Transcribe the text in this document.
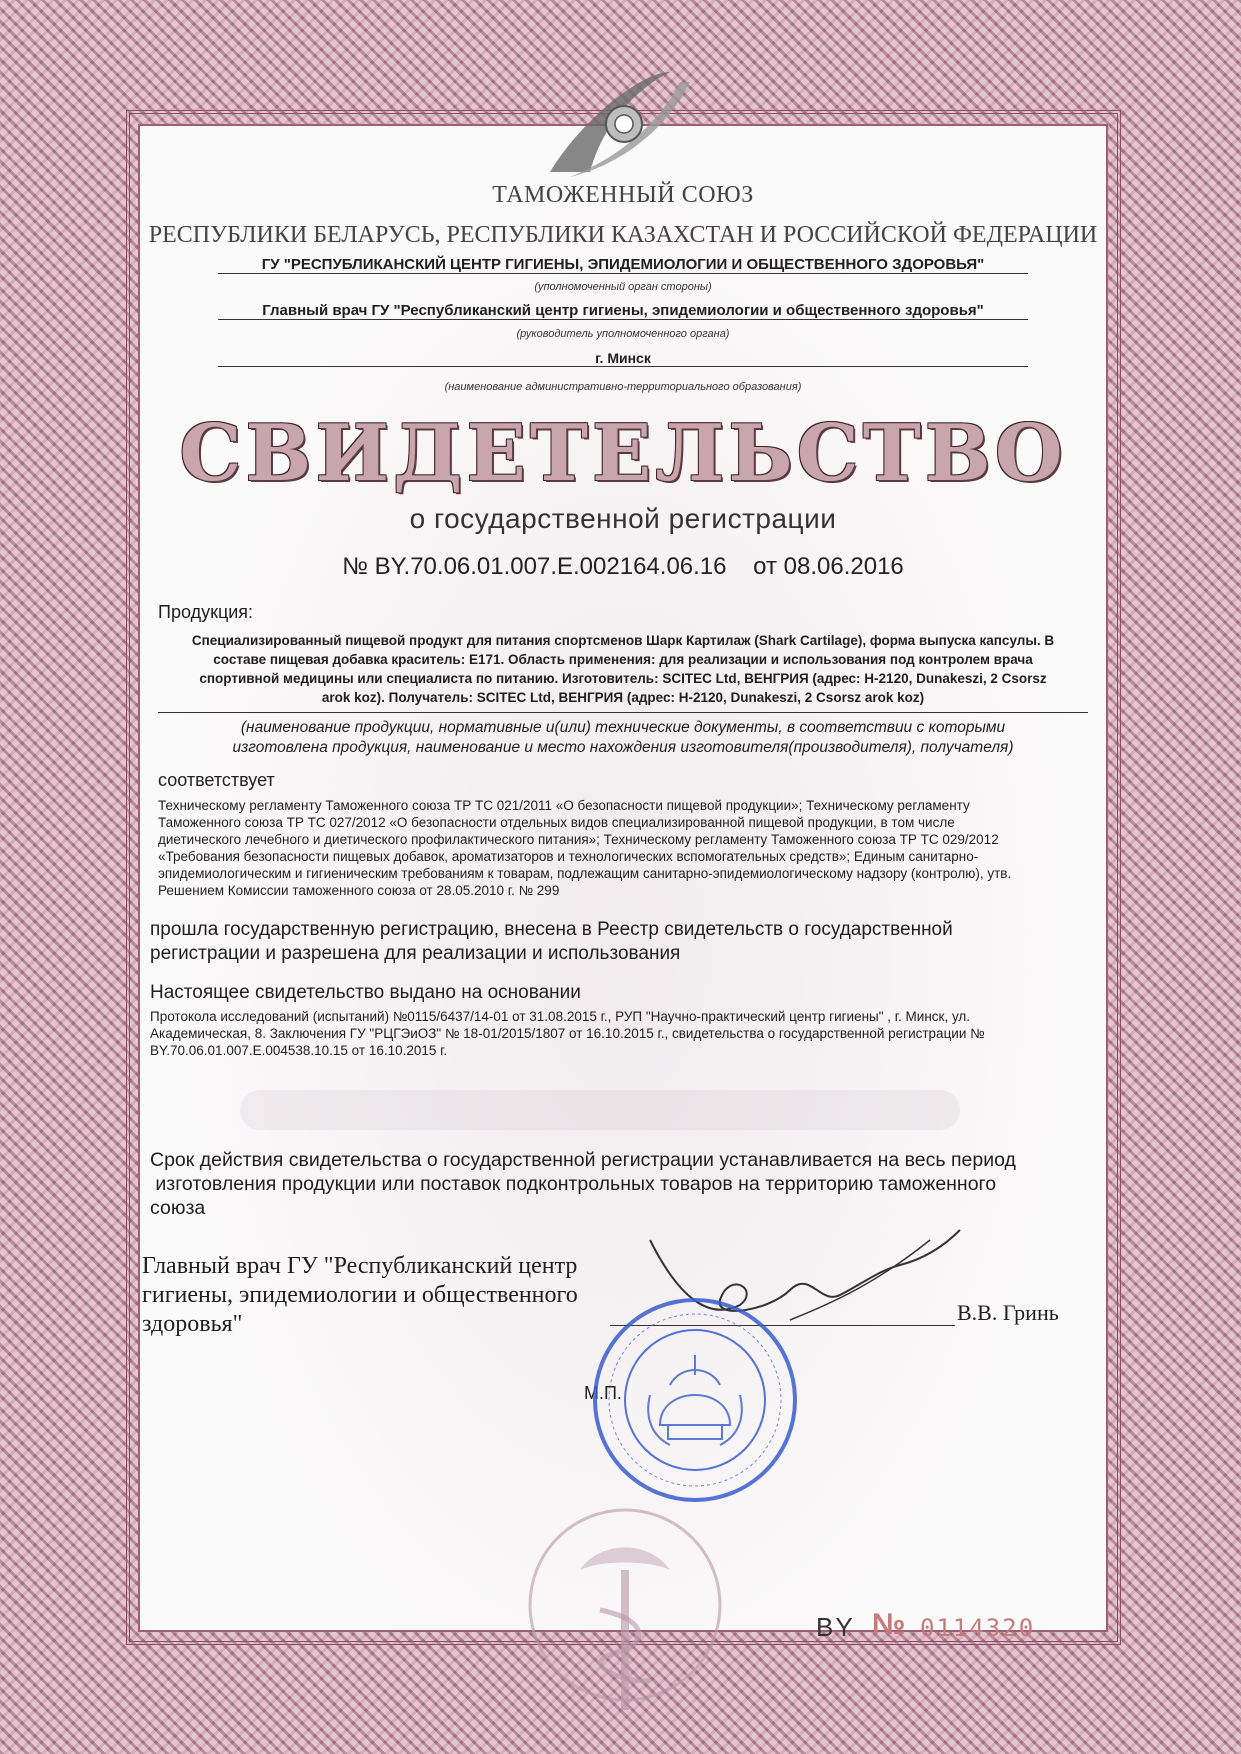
ТАМОЖЕННЫЙ СОЮЗ
РЕСПУБЛИКИ БЕЛАРУСЬ, РЕСПУБЛИКИ КАЗАХСТАН И РОССИЙСКОЙ ФЕДЕРАЦИИ
ГУ "РЕСПУБЛИКАНСКИЙ ЦЕНТР ГИГИЕНЫ, ЭПИДЕМИОЛОГИИ И ОБЩЕСТВЕННОГО ЗДОРОВЬЯ"
(уполномоченный орган стороны)
Главный врач ГУ "Республиканский центр гигиены, эпидемиологии и общественного здоровья"
(руководитель уполномоченного органа)
г. Минск
(наименование административно-территориального образования)
СВИДЕТЕЛЬСТВО
о государственной регистрации
№ BY.70.06.01.007.E.002164.06.16 от 08.06.2016
Продукция:
Специализированный пищевой продукт для питания спортсменов Шарк Картилаж (Shark Cartilage), форма выпуска капсулы. В
составе пищевая добавка краситель: E171. Область применения: для реализации и использования под контролем врача
спортивной медицины или специалиста по питанию. Изготовитель: SCITEC Ltd, ВЕНГРИЯ (адрес: H-2120, Dunakeszi, 2 Csorsz
arok koz). Получатель: SCITEC Ltd, ВЕНГРИЯ (адрес: H-2120, Dunakeszi, 2 Csorsz arok koz)
(наименование продукции, нормативные и(или) технические документы, в соответствии с которыми
изготовлена продукция, наименование и место нахождения изготовителя(производителя), получателя)
соответствует
Техническому регламенту Таможенного союза ТР ТС 021/2011 «О безопасности пищевой продукции»; Техническому регламенту
Таможенного союза ТР ТС 027/2012 «О безопасности отдельных видов специализированной пищевой продукции, в том числе
диетического лечебного и диетического профилактического питания»; Техническому регламенту Таможенного союза ТР ТС 029/2012
«Требования безопасности пищевых добавок, ароматизаторов и технологических вспомогательных средств»; Единым санитарно-
эпидемиологическим и гигиеническим требованиям к товарам, подлежащим санитарно-эпидемиологическому надзору (контролю), утв.
Решением Комиссии таможенного союза от 28.05.2010 г. № 299
прошла государственную регистрацию, внесена в Реестр свидетельств о государственной
регистрации и разрешена для реализации и использования
Настоящее свидетельство выдано на основании
Протокола исследований (испытаний) №0115/6437/14-01 от 31.08.2015 г., РУП "Научно-практический центр гигиены" , г. Минск, ул.
Академическая, 8. Заключения ГУ "РЦГЭиОЗ" № 18-01/2015/1807 от 16.10.2015 г., свидетельства о государственной регистрации №
BY.70.06.01.007.E.004538.10.15 от 16.10.2015 г.
Срок действия свидетельства о государственной регистрации устанавливается на весь период
изготовления продукции или поставок подконтрольных товаров на территорию таможенного
союза
Главный врач ГУ "Республиканский центр
гигиены, эпидемиологии и общественного
здоровья"	В.В. Гринь
М.П.
BY № 0114320
